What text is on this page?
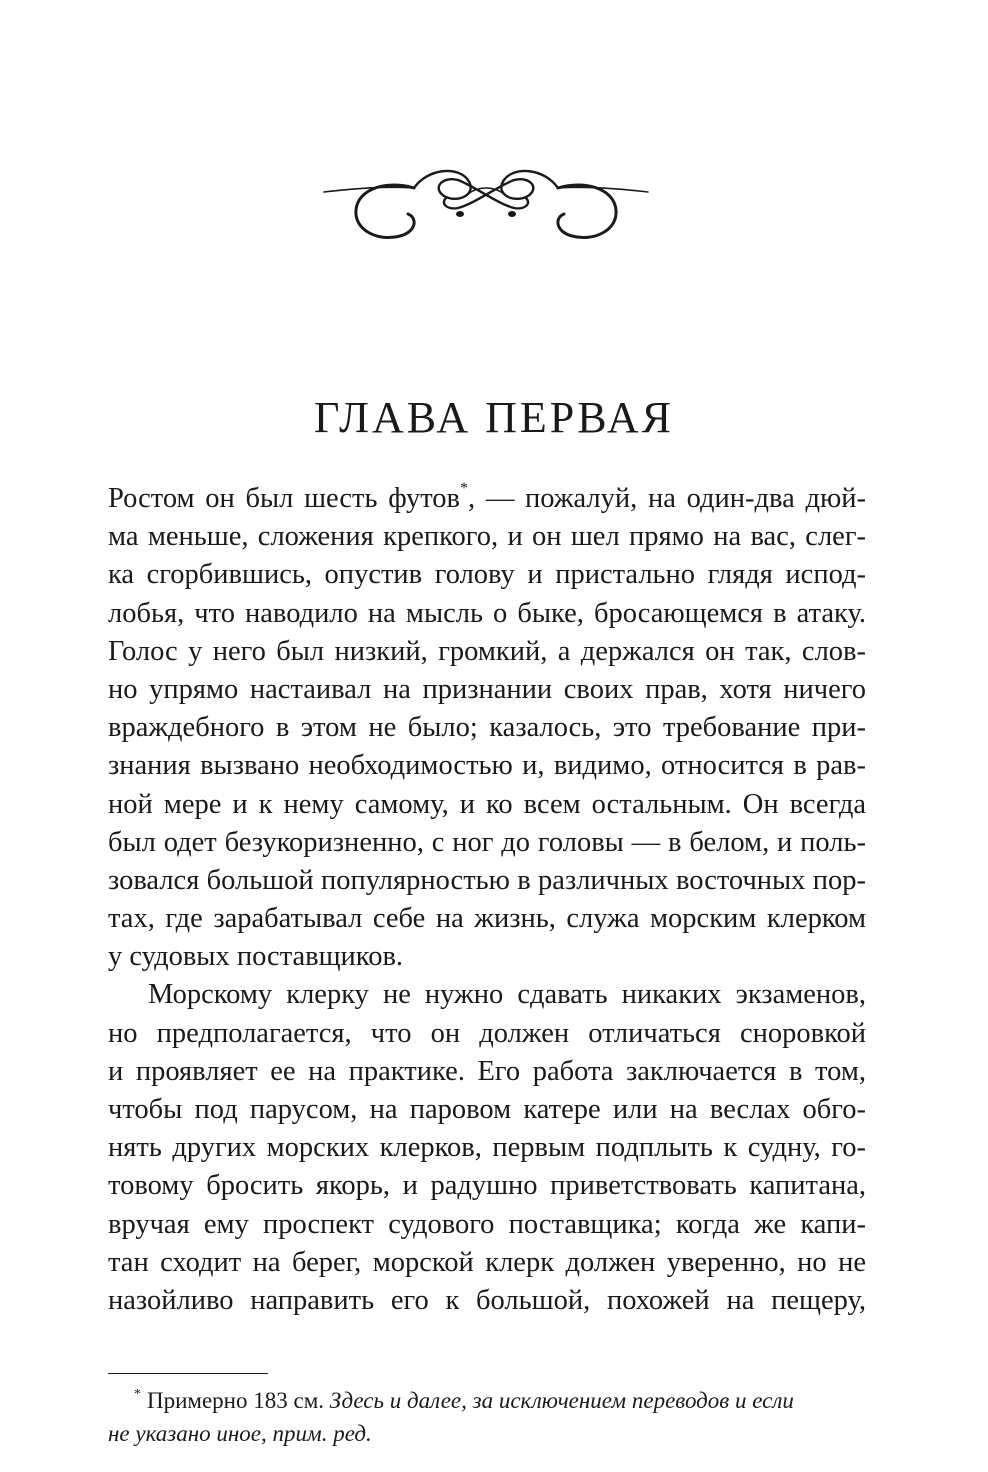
ГЛАВА ПЕРВАЯ
Ростом он был шесть футов*, — пожалуй, на один-два дюй-
ма меньше, сложения крепкого, и он шел прямо на вас, слег-
ка сгорбившись, опустив голову и пристально глядя испод-
лобья, что наводило на мысль о быке, бросающемся в атаку.
Голос у него был низкий, громкий, а держался он так, слов-
но упрямо настаивал на признании своих прав, хотя ничего
враждебного в этом не было; казалось, это требование при-
знания вызвано необходимостью и, видимо, относится в рав-
ной мере и к нему самому, и ко всем остальным. Он всегда
был одет безукоризненно, с ног до головы — в белом, и поль-
зовался большой популярностью в различных восточных пор-
тах, где зарабатывал себе на жизнь, служа морским клерком
у судовых поставщиков.
Морскому клерку не нужно сдавать никаких экзаменов,
но предполагается, что он должен отличаться сноровкой
и проявляет ее на практике. Его работа заключается в том,
чтобы под парусом, на паровом катере или на веслах обго-
нять других морских клерков, первым подплыть к судну, го-
товому бросить якорь, и радушно приветствовать капитана,
вручая ему проспект судового поставщика; когда же капи-
тан сходит на берег, морской клерк должен уверенно, но не
назойливо направить его к большой, похожей на пещеру,
* Примерно 183 см. Здесь и далее, за исключением переводов и если
не указано иное, прим. ред.
